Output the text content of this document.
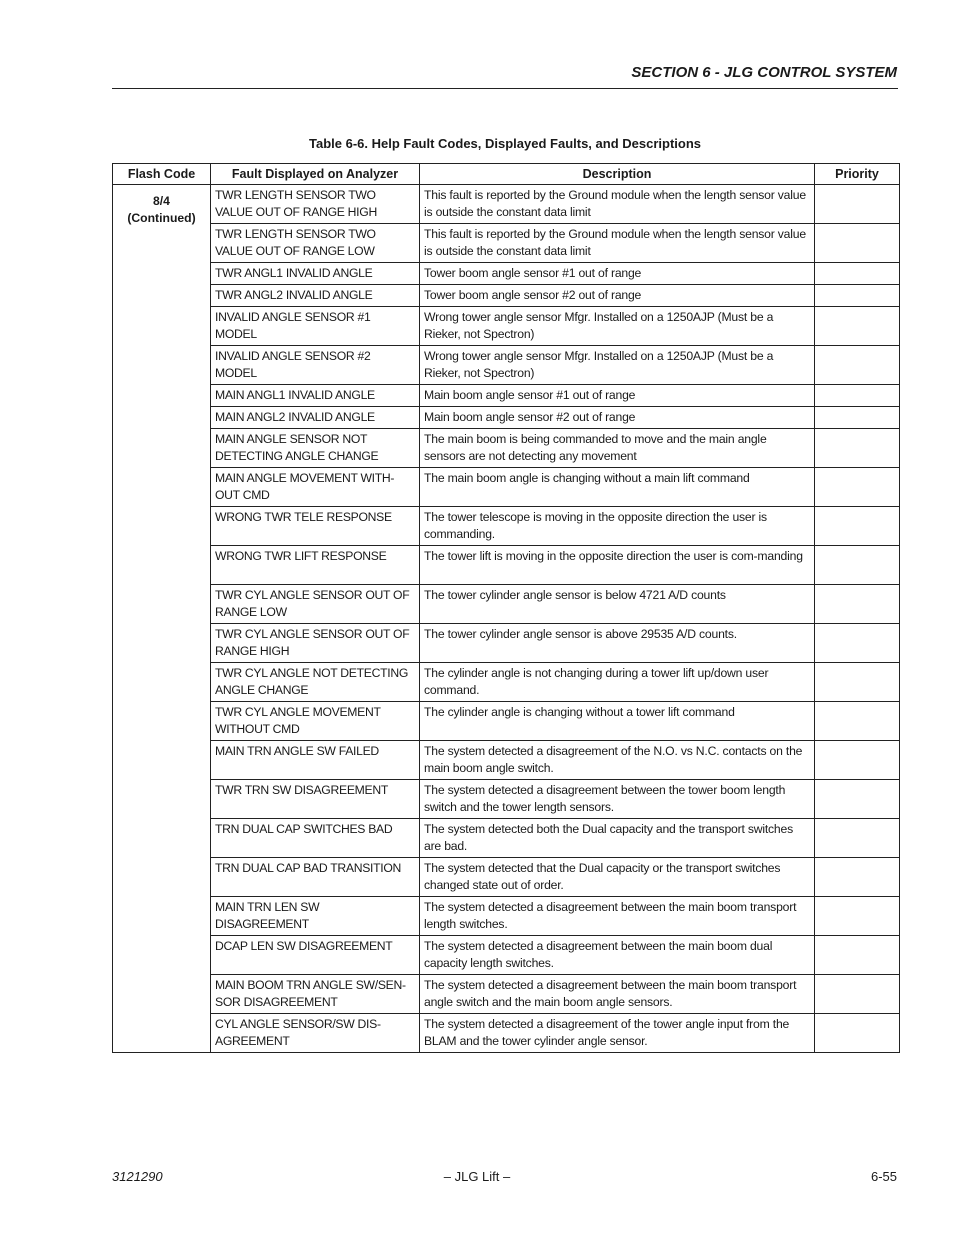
SECTION 6 - JLG CONTROL SYSTEM
Table 6-6. Help Fault Codes, Displayed Faults, and Descriptions
Flash Code	Fault Displayed on Analyzer	Description	Priority

8/4
(Continued)	TWR LENGTH SENSOR TWO VALUE OUT OF RANGE HIGH	This fault is reported by the Ground module when the length sensor value is outside the constant data limit	
	TWR LENGTH SENSOR TWO VALUE OUT OF RANGE LOW	This fault is reported by the Ground module when the length sensor value is outside the constant data limit	
	TWR ANGL1 INVALID ANGLE	Tower boom angle sensor #1 out of range	
	TWR ANGL2 INVALID ANGLE	Tower boom angle sensor #2 out of range	
	INVALID ANGLE SENSOR #1 MODEL	Wrong tower angle sensor Mfgr. Installed on a 1250AJP (Must be a Rieker, not Spectron)	
	INVALID ANGLE SENSOR #2 MODEL	Wrong tower angle sensor Mfgr. Installed on a 1250AJP (Must be a Rieker, not Spectron)	
	MAIN ANGL1 INVALID ANGLE	Main boom angle sensor #1 out of range	
	MAIN ANGL2 INVALID ANGLE	Main boom angle sensor #2 out of range	
	MAIN ANGLE SENSOR NOT DETECTING ANGLE CHANGE	The main boom is being commanded to move and the main angle sensors are not detecting any movement	
	MAIN ANGLE MOVEMENT WITH-OUT CMD	The main boom angle is changing without a main lift command	
	WRONG TWR TELE RESPONSE	The tower telescope is moving in the opposite direction the user is commanding.	
	WRONG TWR LIFT RESPONSE	The tower lift is moving in the opposite direction the user is com-manding	
	TWR CYL ANGLE SENSOR OUT OF RANGE LOW	The tower cylinder angle sensor is below 4721 A/D counts	
	TWR CYL ANGLE SENSOR OUT OF RANGE HIGH	The tower cylinder angle sensor is above 29535 A/D counts.	
	TWR CYL ANGLE NOT DETECTING ANGLE CHANGE	The cylinder angle is not changing during a tower lift up/down user command.	
	TWR CYL ANGLE MOVEMENT WITHOUT CMD	The cylinder angle is changing without a tower lift command	
	MAIN TRN ANGLE SW FAILED	The system detected a disagreement of the N.O. vs N.C. contacts on the main boom angle switch.	
	TWR TRN SW DISAGREEMENT	The system detected a disagreement between the tower boom length switch and the tower length sensors.	
	TRN DUAL CAP SWITCHES BAD	The system detected both the Dual capacity and the transport switches are bad.	
	TRN DUAL CAP BAD TRANSITION	The system detected that the Dual capacity or the transport switches changed state out of order.	
	MAIN TRN LEN SW DISAGREEMENT	The system detected a disagreement between the main boom transport length switches.	
	DCAP LEN SW DISAGREEMENT	The system detected a disagreement between the main boom dual capacity length switches.	
	MAIN BOOM TRN ANGLE SW/SEN-SOR DISAGREEMENT	The system detected a disagreement between the main boom transport angle switch and the main boom angle sensors.	
	CYL ANGLE SENSOR/SW DIS-AGREEMENT	The system detected a disagreement of the tower angle input from the BLAM and the tower cylinder angle sensor.	
3121290	– JLG Lift –	6-55
